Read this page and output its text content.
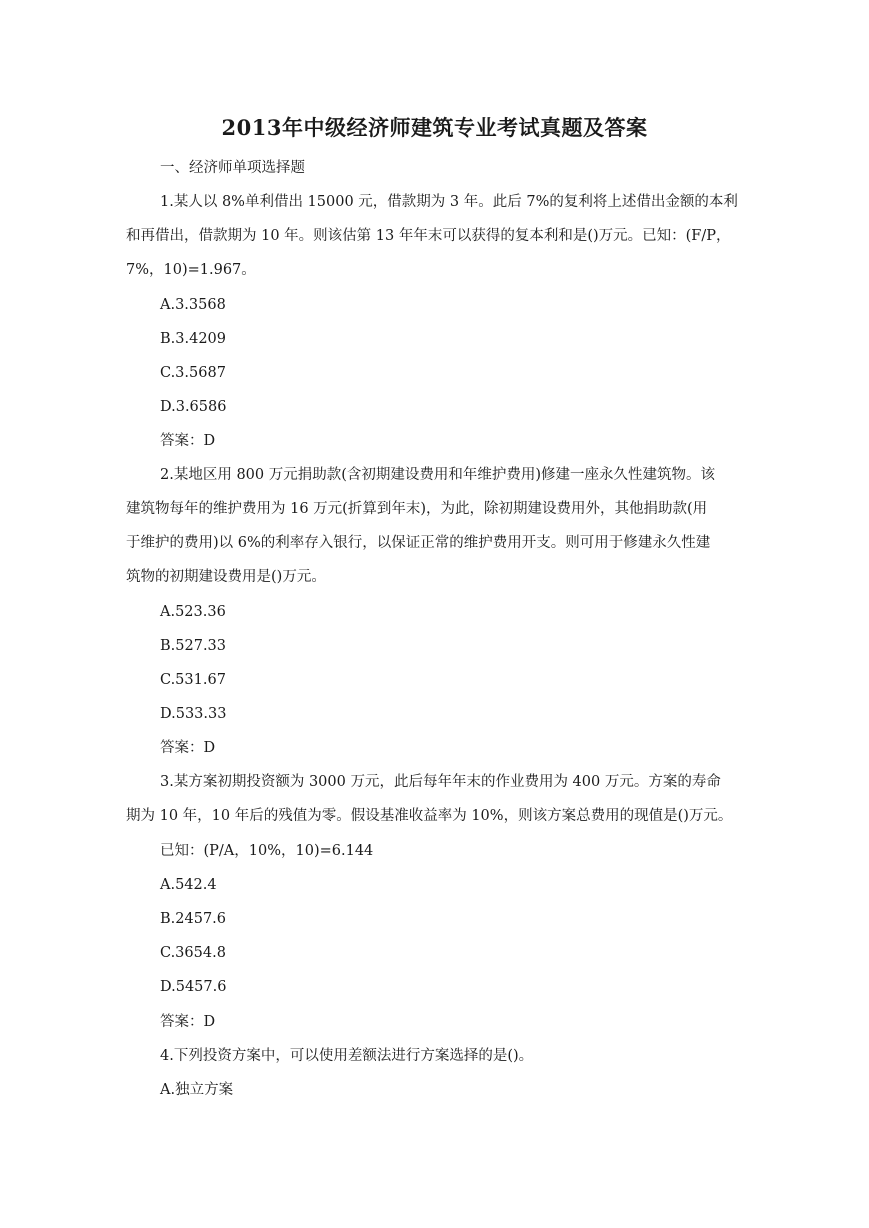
2013年中级经济师建筑专业考试真题及答案
一、经济师单项选择题
1.某人以 8%单利借出 15000 元，借款期为 3 年。此后 7%的复利将上述借出金额的本利
和再借出，借款期为 10 年。则该估第 13 年年末可以获得的复本利和是()万元。已知：(F/P，
7%，10)=1.967。
A.3.3568
B.3.4209
C.3.5687
D.3.6586
答案：D
2.某地区用 800 万元捐助款(含初期建设费用和年维护费用)修建一座永久性建筑物。该
建筑物每年的维护费用为 16 万元(折算到年末)，为此，除初期建设费用外，其他捐助款(用
于维护的费用)以 6%的利率存入银行，以保证正常的维护费用开支。则可用于修建永久性建
筑物的初期建设费用是()万元。
A.523.36
B.527.33
C.531.67
D.533.33
答案：D
3.某方案初期投资额为 3000 万元，此后每年年末的作业费用为 400 万元。方案的寿命
期为 10 年，10 年后的残值为零。假设基准收益率为 10%，则该方案总费用的现值是()万元。
已知：(P/A，10%，10)=6.144
A.542.4
B.2457.6
C.3654.8
D.5457.6
答案：D
4.下列投资方案中，可以使用差额法进行方案选择的是()。
A.独立方案
